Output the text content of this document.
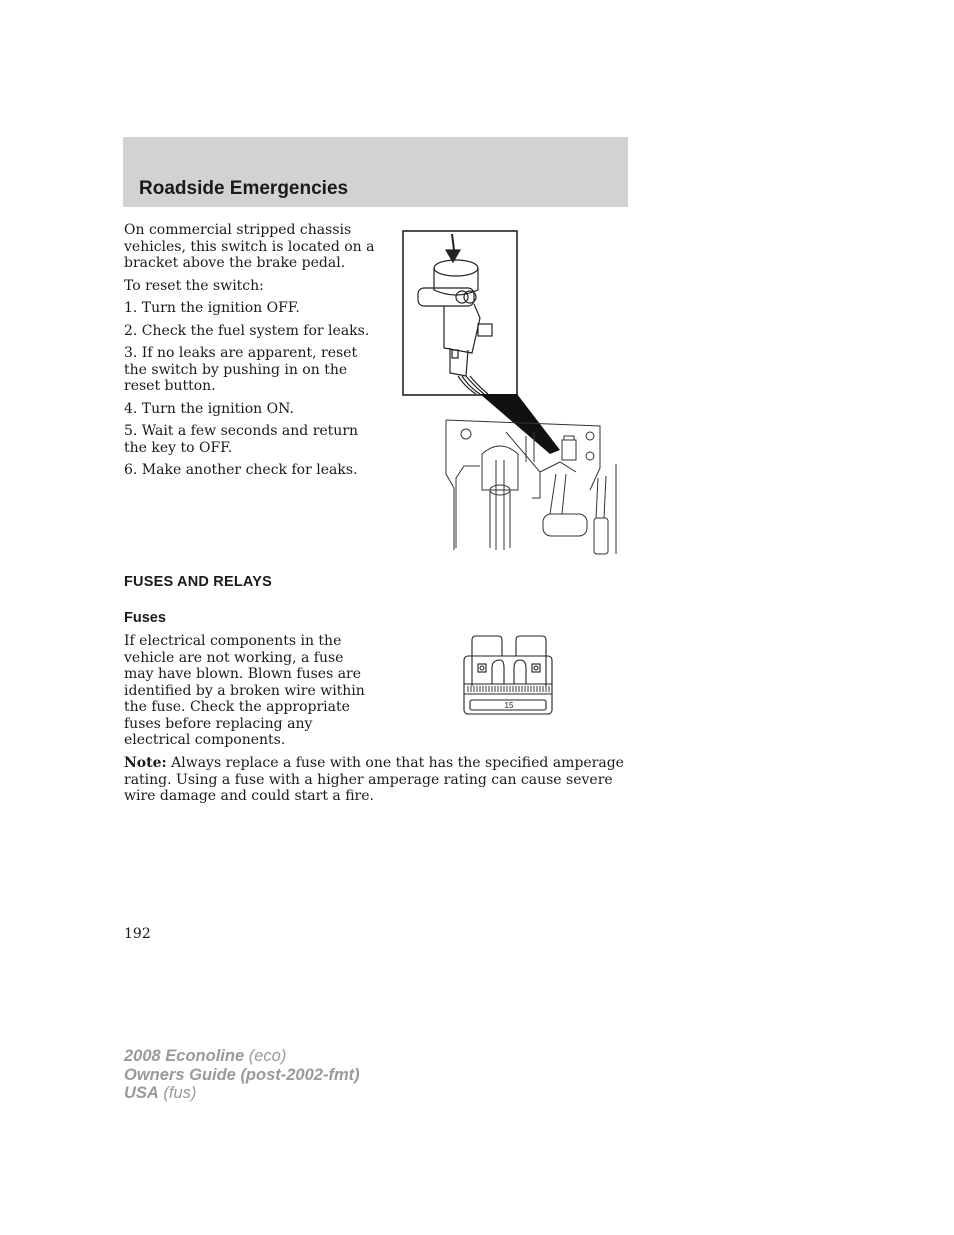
Roadside Emergencies

On commercial stripped chassis vehicles, this switch is located on a bracket above the brake pedal.

To reset the switch:

1. Turn the ignition OFF.

2. Check the fuel system for leaks.

3. If no leaks are apparent, reset the switch by pushing in on the reset button.

4. Turn the ignition ON.

5. Wait a few seconds and return the key to OFF.

6. Make another check for leaks.

FUSES AND RELAYS
Fuses

If electrical components in the vehicle are not working, a fuse may have blown. Blown fuses are identified by a broken wire within the fuse. Check the appropriate fuses before replacing any electrical components.

15
Note: Always replace a fuse with one that has the specified amperage rating. Using a fuse with a higher amperage rating can cause severe wire damage and could start a fire.
192
2008 Econoline (eco)
Owners Guide (post-2002-fmt)
USA (fus)
